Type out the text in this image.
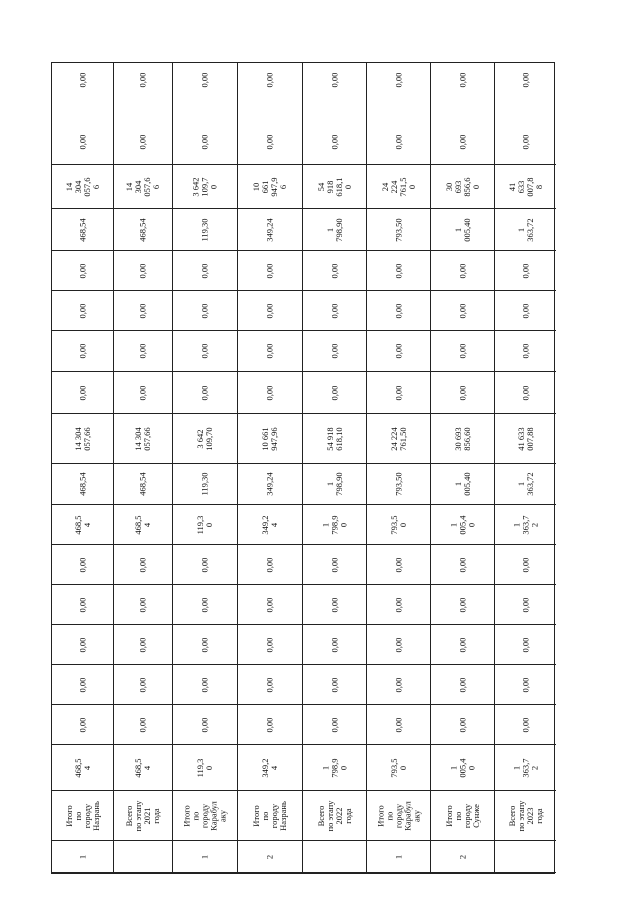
1
Итого
по
городу
Назрань
468,5
4
0,00
0,00
0,00
0,00
0,00
468,5
4
468,54
14 304
057,66
0,00
0,00
0,00
0,00
468,54
14
304
057,6
6
0,00
0,00
Всего
по этапу
2021
года
468,5
4
0,00
0,00
0,00
0,00
0,00
468,5
4
468,54
14 304
057,66
0,00
0,00
0,00
0,00
468,54
14
304
057,6
6
0,00
0,00
1
Итого
по
городу
Карабул
aку
119,3
0
0,00
0,00
0,00
0,00
0,00
119,3
0
119,30
3 642
109,70
0,00
0,00
0,00
0,00
119,30
3 642
109,7
0
0,00
0,00
2
Итого
по
городу
Назрань
349,2
4
0,00
0,00
0,00
0,00
0,00
349,2
4
349,24
10 661
947,96
0,00
0,00
0,00
0,00
349,24
10
661
947,9
6
0,00
0,00
Всего
по этапу
2022
года
1
798,9
0
0,00
0,00
0,00
0,00
0,00
1
798,9
0
1
798,90
54 918
618,10
0,00
0,00
0,00
0,00
1
798,90
54
918
618,1
0
0,00
0,00
1
Итого
по
городу
Карабул
аку
793,5
0
0,00
0,00
0,00
0,00
0,00
793,5
0
793,50
24 224
761,50
0,00
0,00
0,00
0,00
793,50
24
224
761,5
0
0,00
0,00
2
Итого
по
городу
Сунже
1
005,4
0
0,00
0,00
0,00
0,00
0,00
1
005,4
0
1
005,40
30 693
856,60
0,00
0,00
0,00
0,00
1
005,40
30
693
856,6
0
0,00
0,00
Всего
по этапу
2023
года
1
363,7
2
0,00
0,00
0,00
0,00
0,00
1
363,7
2
1
363,72
41 633
007,88
0,00
0,00
0,00
0,00
1
363,72
41
633
007,8
8
0,00
0,00
